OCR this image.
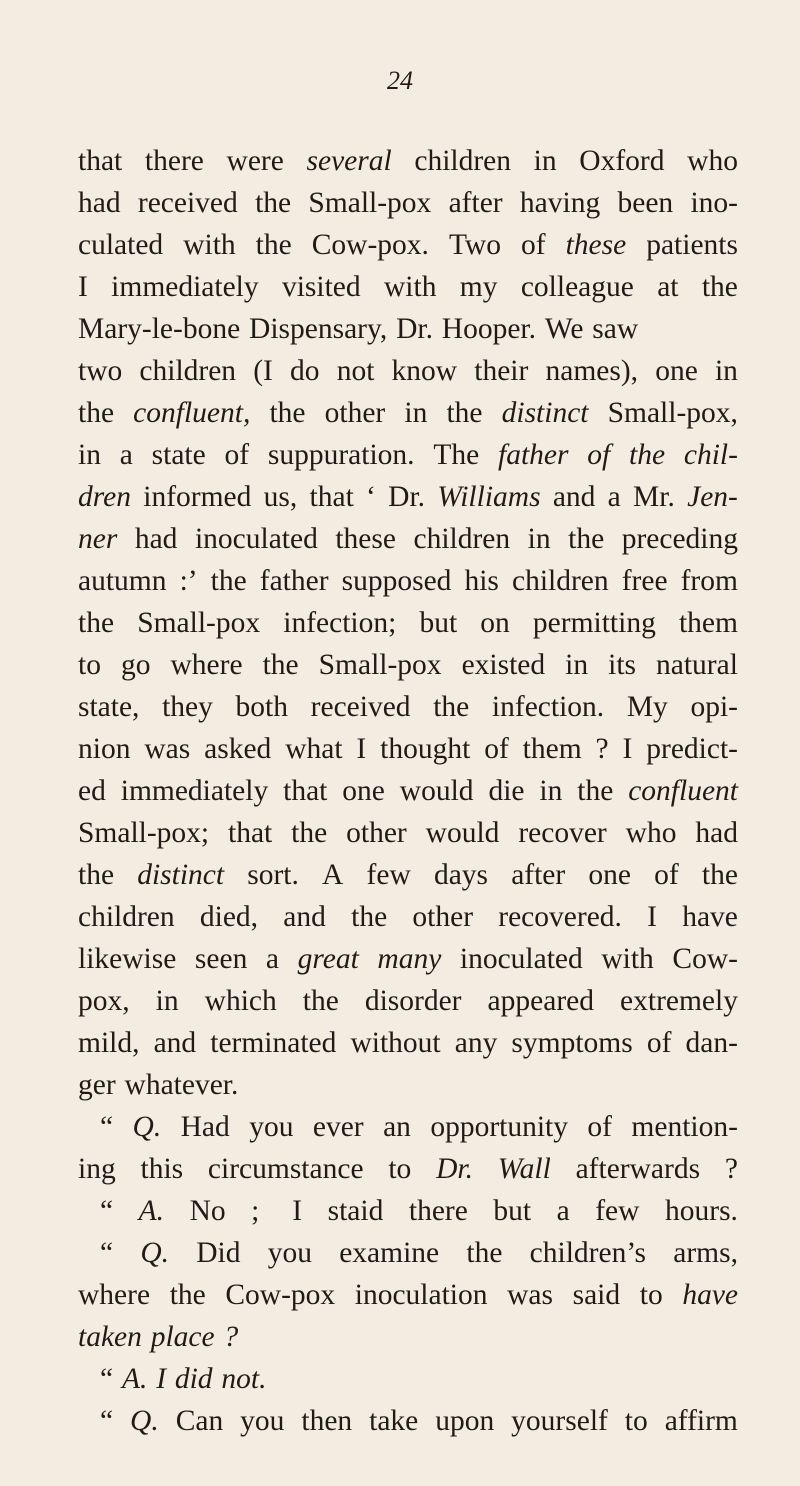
24

that there were several children in Oxford who
had received the Small-pox after having been ino-
culated with the Cow-pox. Two of these patients
I immediately visited with my colleague at the
Mary-le-bone Dispensary, Dr. Hooper. We saw
two children (I do not know their names), one in
the confluent, the other in the distinct Small-pox,
in a state of suppuration. The father of the chil-
dren informed us, that ‘ Dr. Williams and a Mr. Jen-
ner had inoculated these children in the preceding
autumn :’ the father supposed his children free from
the Small-pox infection; but on permitting them
to go where the Small-pox existed in its natural
state, they both received the infection. My opi-
nion was asked what I thought of them ? I predict-
ed immediately that one would die in the confluent
Small-pox; that the other would recover who had
the distinct sort. A few days after one of the
children died, and the other recovered. I have
likewise seen a great many inoculated with Cow-
pox, in which the disorder appeared extremely
mild, and terminated without any symptoms of dan-
ger whatever.
“ Q. Had you ever an opportunity of mention-
ing this circumstance to Dr. Wall afterwards ?
“ A. No ; I staid there but a few hours.
“ Q. Did you examine the children’s arms,
where the Cow-pox inoculation was said to have
taken place ?
“ A. I did not.
“ Q. Can you then take upon yourself to affirm
